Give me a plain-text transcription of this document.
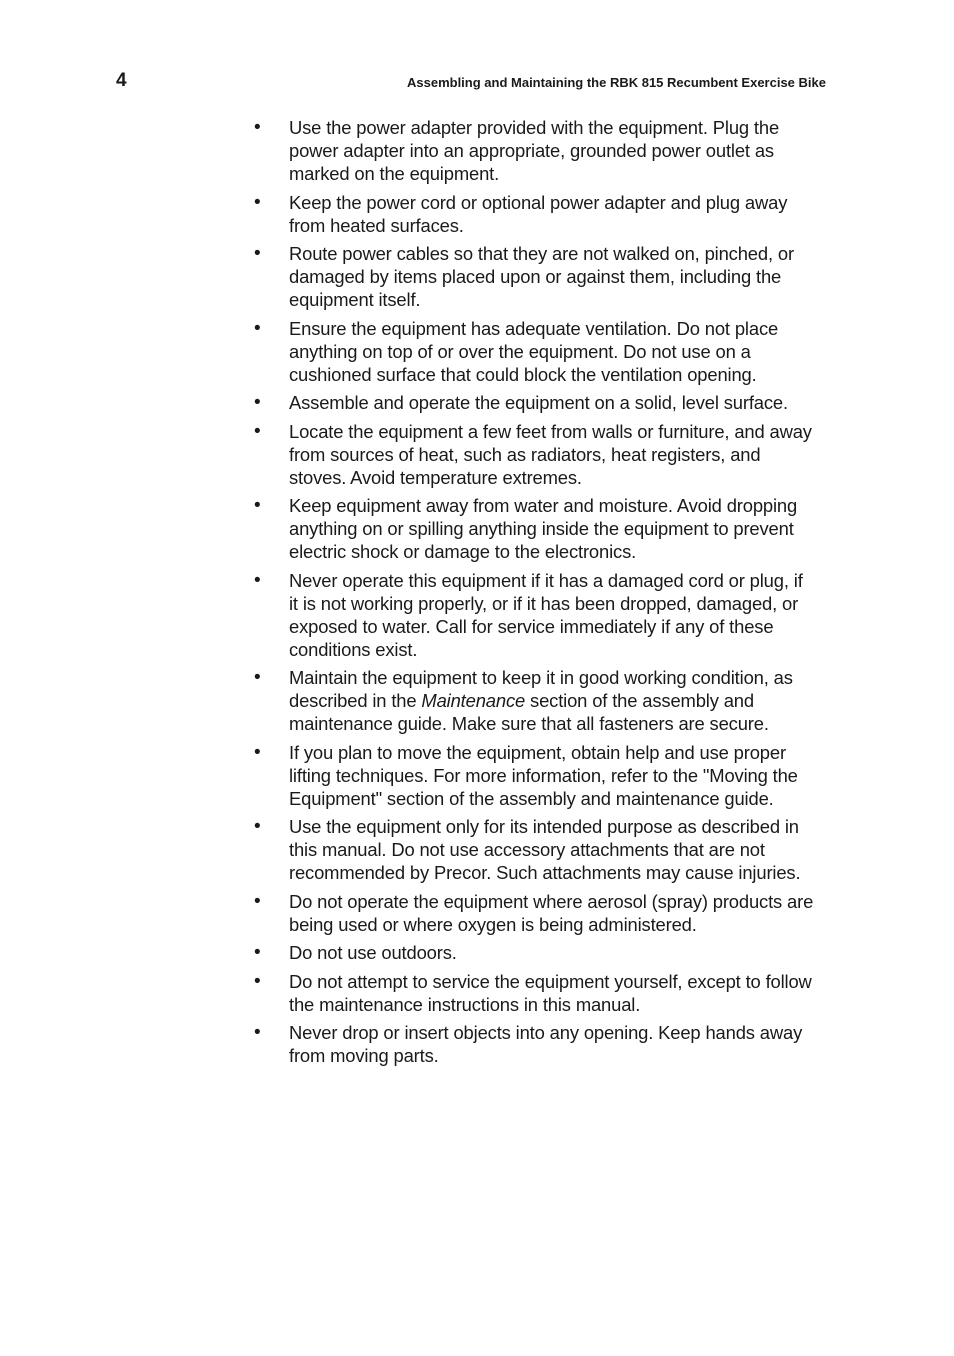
4	Assembling and Maintaining the RBK 815 Recumbent Exercise Bike
•	Use the power adapter provided with the equipment. Plug the power adapter into an appropriate, grounded power outlet as marked on the equipment.
•	Keep the power cord or optional power adapter and plug away from heated surfaces.
•	Route power cables so that they are not walked on, pinched, or damaged by items placed upon or against them, including the equipment itself.
•	Ensure the equipment has adequate ventilation. Do not place anything on top of or over the equipment. Do not use on a cushioned surface that could block the ventilation opening.
•	Assemble and operate the equipment on a solid, level surface.
•	Locate the equipment a few feet from walls or furniture, and away from sources of heat, such as radiators, heat registers, and stoves. Avoid temperature extremes.
•	Keep equipment away from water and moisture. Avoid dropping anything on or spilling anything inside the equipment to prevent electric shock or damage to the electronics.
•	Never operate this equipment if it has a damaged cord or plug, if it is not working properly, or if it has been dropped, damaged, or exposed to water. Call for service immediately if any of these conditions exist.
•	Maintain the equipment to keep it in good working condition, as described in the Maintenance section of the assembly and maintenance guide. Make sure that all fasteners are secure.
•	If you plan to move the equipment, obtain help and use proper lifting techniques. For more information, refer to the "Moving the Equipment" section of the assembly and maintenance guide.
•	Use the equipment only for its intended purpose as described in this manual. Do not use accessory attachments that are not recommended by Precor. Such attachments may cause injuries.
•	Do not operate the equipment where aerosol (spray) products are being used or where oxygen is being administered.
•	Do not use outdoors.
•	Do not attempt to service the equipment yourself, except to follow the maintenance instructions in this manual.
•	Never drop or insert objects into any opening. Keep hands away from moving parts.
